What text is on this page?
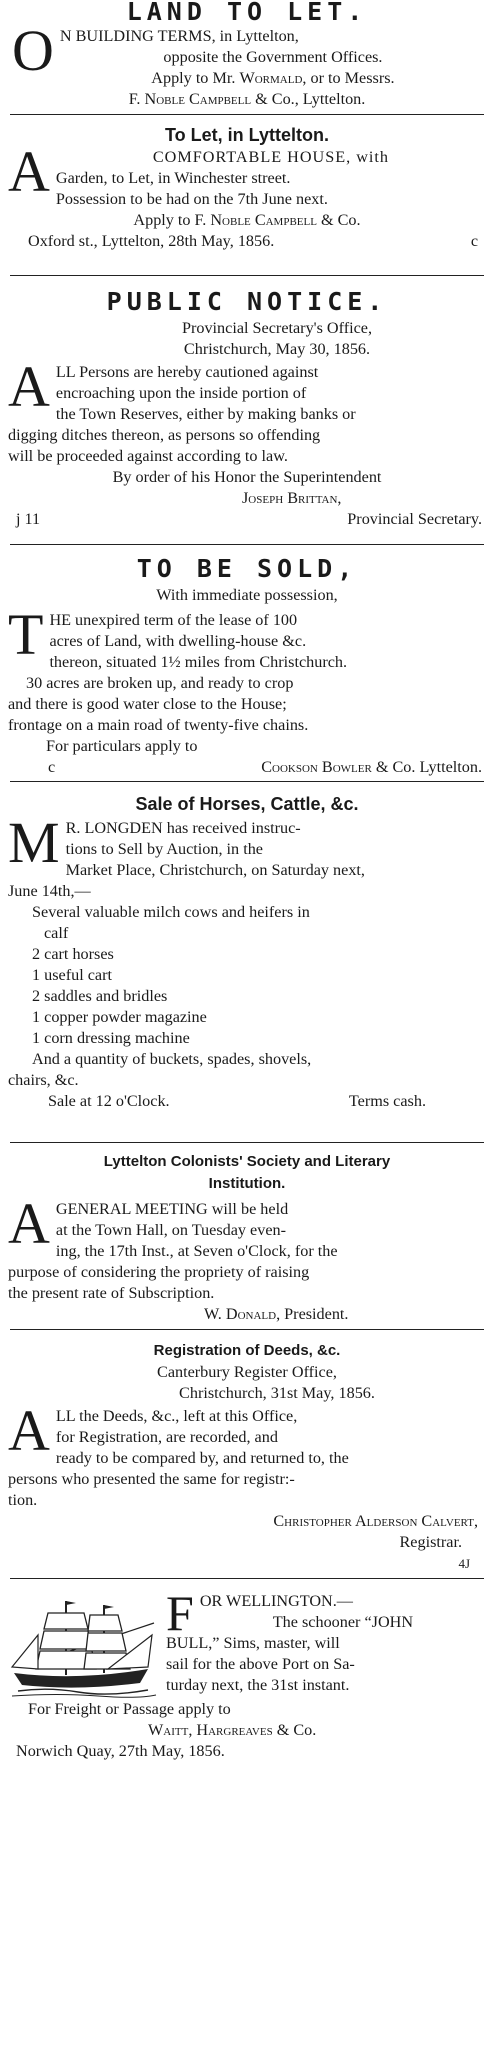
LAND TO LET.
O N BUILDING TERMS, in Lyttelton,
opposite the Government Offices.
Apply to Mr. Wormald, or to Messrs.
F. Noble Campbell & Co., Lyttelton.
To Let, in Lyttelton.
A	COMFORTABLE HOUSE, with
Garden, to Let, in Winchester street.
Possession to be had on the 7th June next.
Apply to F. Noble Campbell & Co.
Oxford st., Lyttelton, 28th May, 1856.	c
PUBLIC NOTICE.
Provincial Secretary's Office,
Christchurch, May 30, 1856.
A LL Persons are hereby cautioned against
encroaching upon the inside portion of
the Town Reserves, either by making banks or
digging ditches thereon, as persons so offending
will be proceeded against according to law.
By order of his Honor the Superintendent
Joseph Brittan,
j 11	Provincial Secretary.
TO BE SOLD,
With immediate possession,
T HE unexpired term of the lease of 100
acres of Land, with dwelling-house &c.
thereon, situated 1½ miles from Christchurch.
30 acres are broken up, and ready to crop
and there is good water close to the House;
frontage on a main road of twenty-five chains.
For particulars apply to
c	Cookson Bowler & Co. Lyttelton.
Sale of Horses, Cattle, &c.
M R. LONGDEN has received instruc-
tions to Sell by Auction, in the
Market Place, Christchurch, on Saturday next,
June 14th,—
Several valuable milch cows and heifers in
calf
2 cart horses
1 useful cart
2 saddles and bridles
1 copper powder magazine
1 corn dressing machine
And a quantity of buckets, spades, shovels,
chairs, &c.
Sale at 12 o'Clock.	Terms cash.
Lyttelton Colonists' Society and Literary
Institution.
A GENERAL MEETING will be held
at the Town Hall, on Tuesday even-
ing, the 17th Inst., at Seven o'Clock, for the
purpose of considering the propriety of raising
the present rate of Subscription.
W. Donald, President.
Registration of Deeds, &c.
Canterbury Register Office,
Christchurch, 31st May, 1856.
A LL the Deeds, &c., left at this Office,
for Registration, are recorded, and
ready to be compared by, and returned to, the
persons who presented the same for registr:-
tion.
Christopher Alderson Calvert,
Registrar.
4J
F OR WELLINGTON.—
The schooner “JOHN
BULL,” Sims, master, will
sail for the above Port on Sa-
turday next, the 31st instant.
For Freight or Passage apply to
Waitt, Hargreaves & Co.
Norwich Quay, 27th May, 1856.
